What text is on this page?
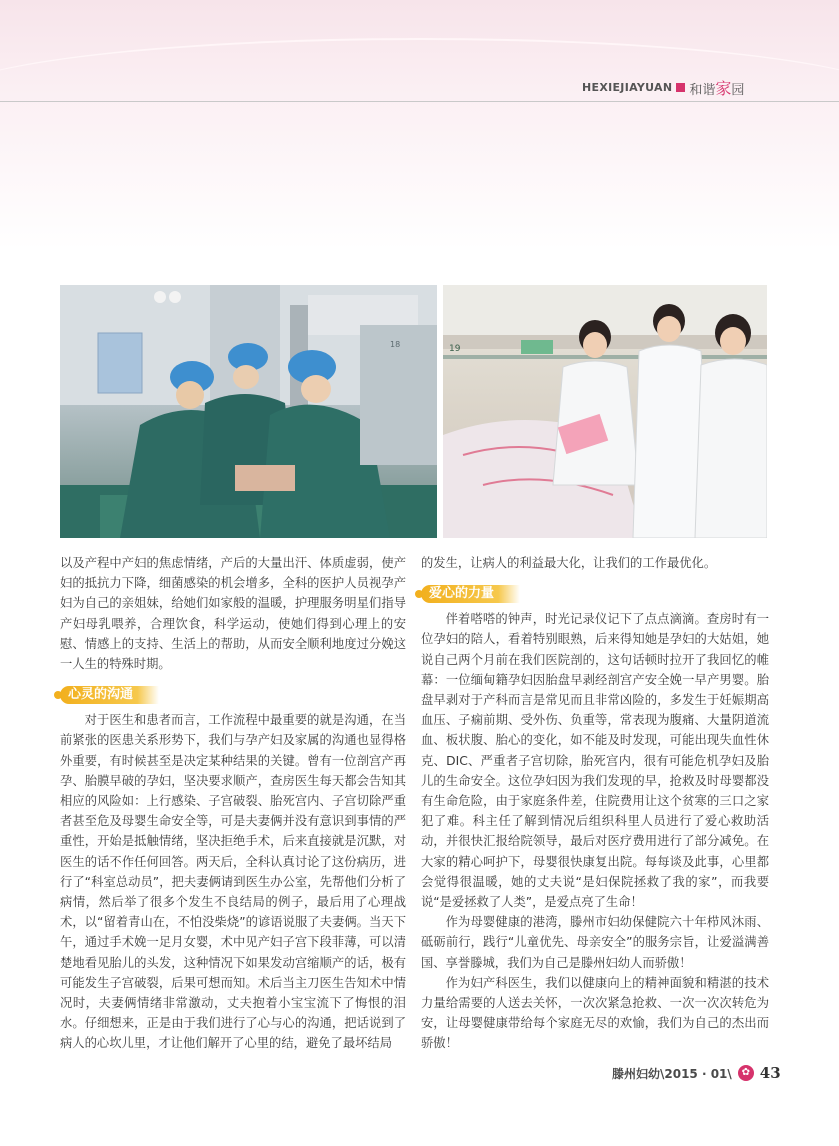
HEXIEJIAYUAN 和谐家园
18	19

以及产程中产妇的焦虑情绪，产后的大量出汗、体质虚弱，使产妇的抵抗力下降，细菌感染的机会增多，全科的医护人员视孕产妇为自己的亲姐妹，给她们如家般的温暖，护理服务明星们指导产妇母乳喂养，合理饮食，科学运动，使她们得到心理上的安慰、情感上的支持、生活上的帮助，从而安全顺利地度过分娩这一人生的特殊时期。

心灵的沟通

对于医生和患者而言，工作流程中最重要的就是沟通，在当前紧张的医患关系形势下，我们与孕产妇及家属的沟通也显得格外重要，有时候甚至是决定某种结果的关键。曾有一位剖宫产再孕、胎膜早破的孕妇，坚决要求顺产，查房医生每天都会告知其相应的风险如：上行感染、子宫破裂、胎死宫内、子宫切除严重者甚至危及母婴生命安全等，可是夫妻俩并没有意识到事情的严重性，开始是抵触情绪，坚决拒绝手术，后来直接就是沉默，对医生的话不作任何回答。两天后，全科认真讨论了这份病历，进行了“科室总动员”，把夫妻俩请到医生办公室，先帮他们分析了病情，然后举了很多个发生不良结局的例子，最后用了心理战术，以“留着青山在，不怕没柴烧”的谚语说服了夫妻俩。当天下午，通过手术娩一足月女婴，术中见产妇子宫下段菲薄，可以清楚地看见胎儿的头发，这种情况下如果发动宫缩顺产的话，极有可能发生子宫破裂，后果可想而知。术后当主刀医生告知术中情况时，夫妻俩情绪非常激动，丈夫抱着小宝宝流下了悔恨的泪水。仔细想来，正是由于我们进行了心与心的沟通，把话说到了病人的心坎儿里，才让他们解开了心里的结，避免了最坏结局

的发生，让病人的利益最大化，让我们的工作最优化。

爱心的力量

伴着嗒嗒的钟声，时光记录仪记下了点点滴滴。查房时有一位孕妇的陪人，看着特别眼熟，后来得知她是孕妇的大姑姐，她说自己两个月前在我们医院剖的，这句话顿时拉开了我回忆的帷幕：一位缅甸籍孕妇因胎盘早剥经剖宫产安全娩一早产男婴。胎盘早剥对于产科而言是常见而且非常凶险的，多发生于妊娠期高血压、子痫前期、受外伤、负重等，常表现为腹痛、大量阴道流血、板状腹、胎心的变化，如不能及时发现，可能出现失血性休克、DIC、严重者子宫切除，胎死宫内，很有可能危机孕妇及胎儿的生命安全。这位孕妇因为我们发现的早，抢救及时母婴都没有生命危险，由于家庭条件差，住院费用让这个贫寒的三口之家犯了难。科主任了解到情况后组织科里人员进行了爱心救助活动，并很快汇报给院领导，最后对医疗费用进行了部分减免。在大家的精心呵护下，母婴很快康复出院。每每谈及此事，心里都会觉得很温暖，她的丈夫说“是妇保院拯救了我的家”，而我要说“是爱拯救了人类”，是爱点亮了生命！

作为母婴健康的港湾，滕州市妇幼保健院六十年栉风沐雨、砥砺前行，践行“儿童优先、母亲安全”的服务宗旨，让爱溢满善国、享誉滕城，我们为自己是滕州妇幼人而骄傲！

作为妇产科医生，我们以健康向上的精神面貌和精湛的技术力量给需要的人送去关怀，一次次紧急抢救、一次一次次转危为安，让母婴健康带给每个家庭无尽的欢愉，我们为自己的杰出而骄傲！

滕州妇幼\2015 · 01\ ✿ 43
